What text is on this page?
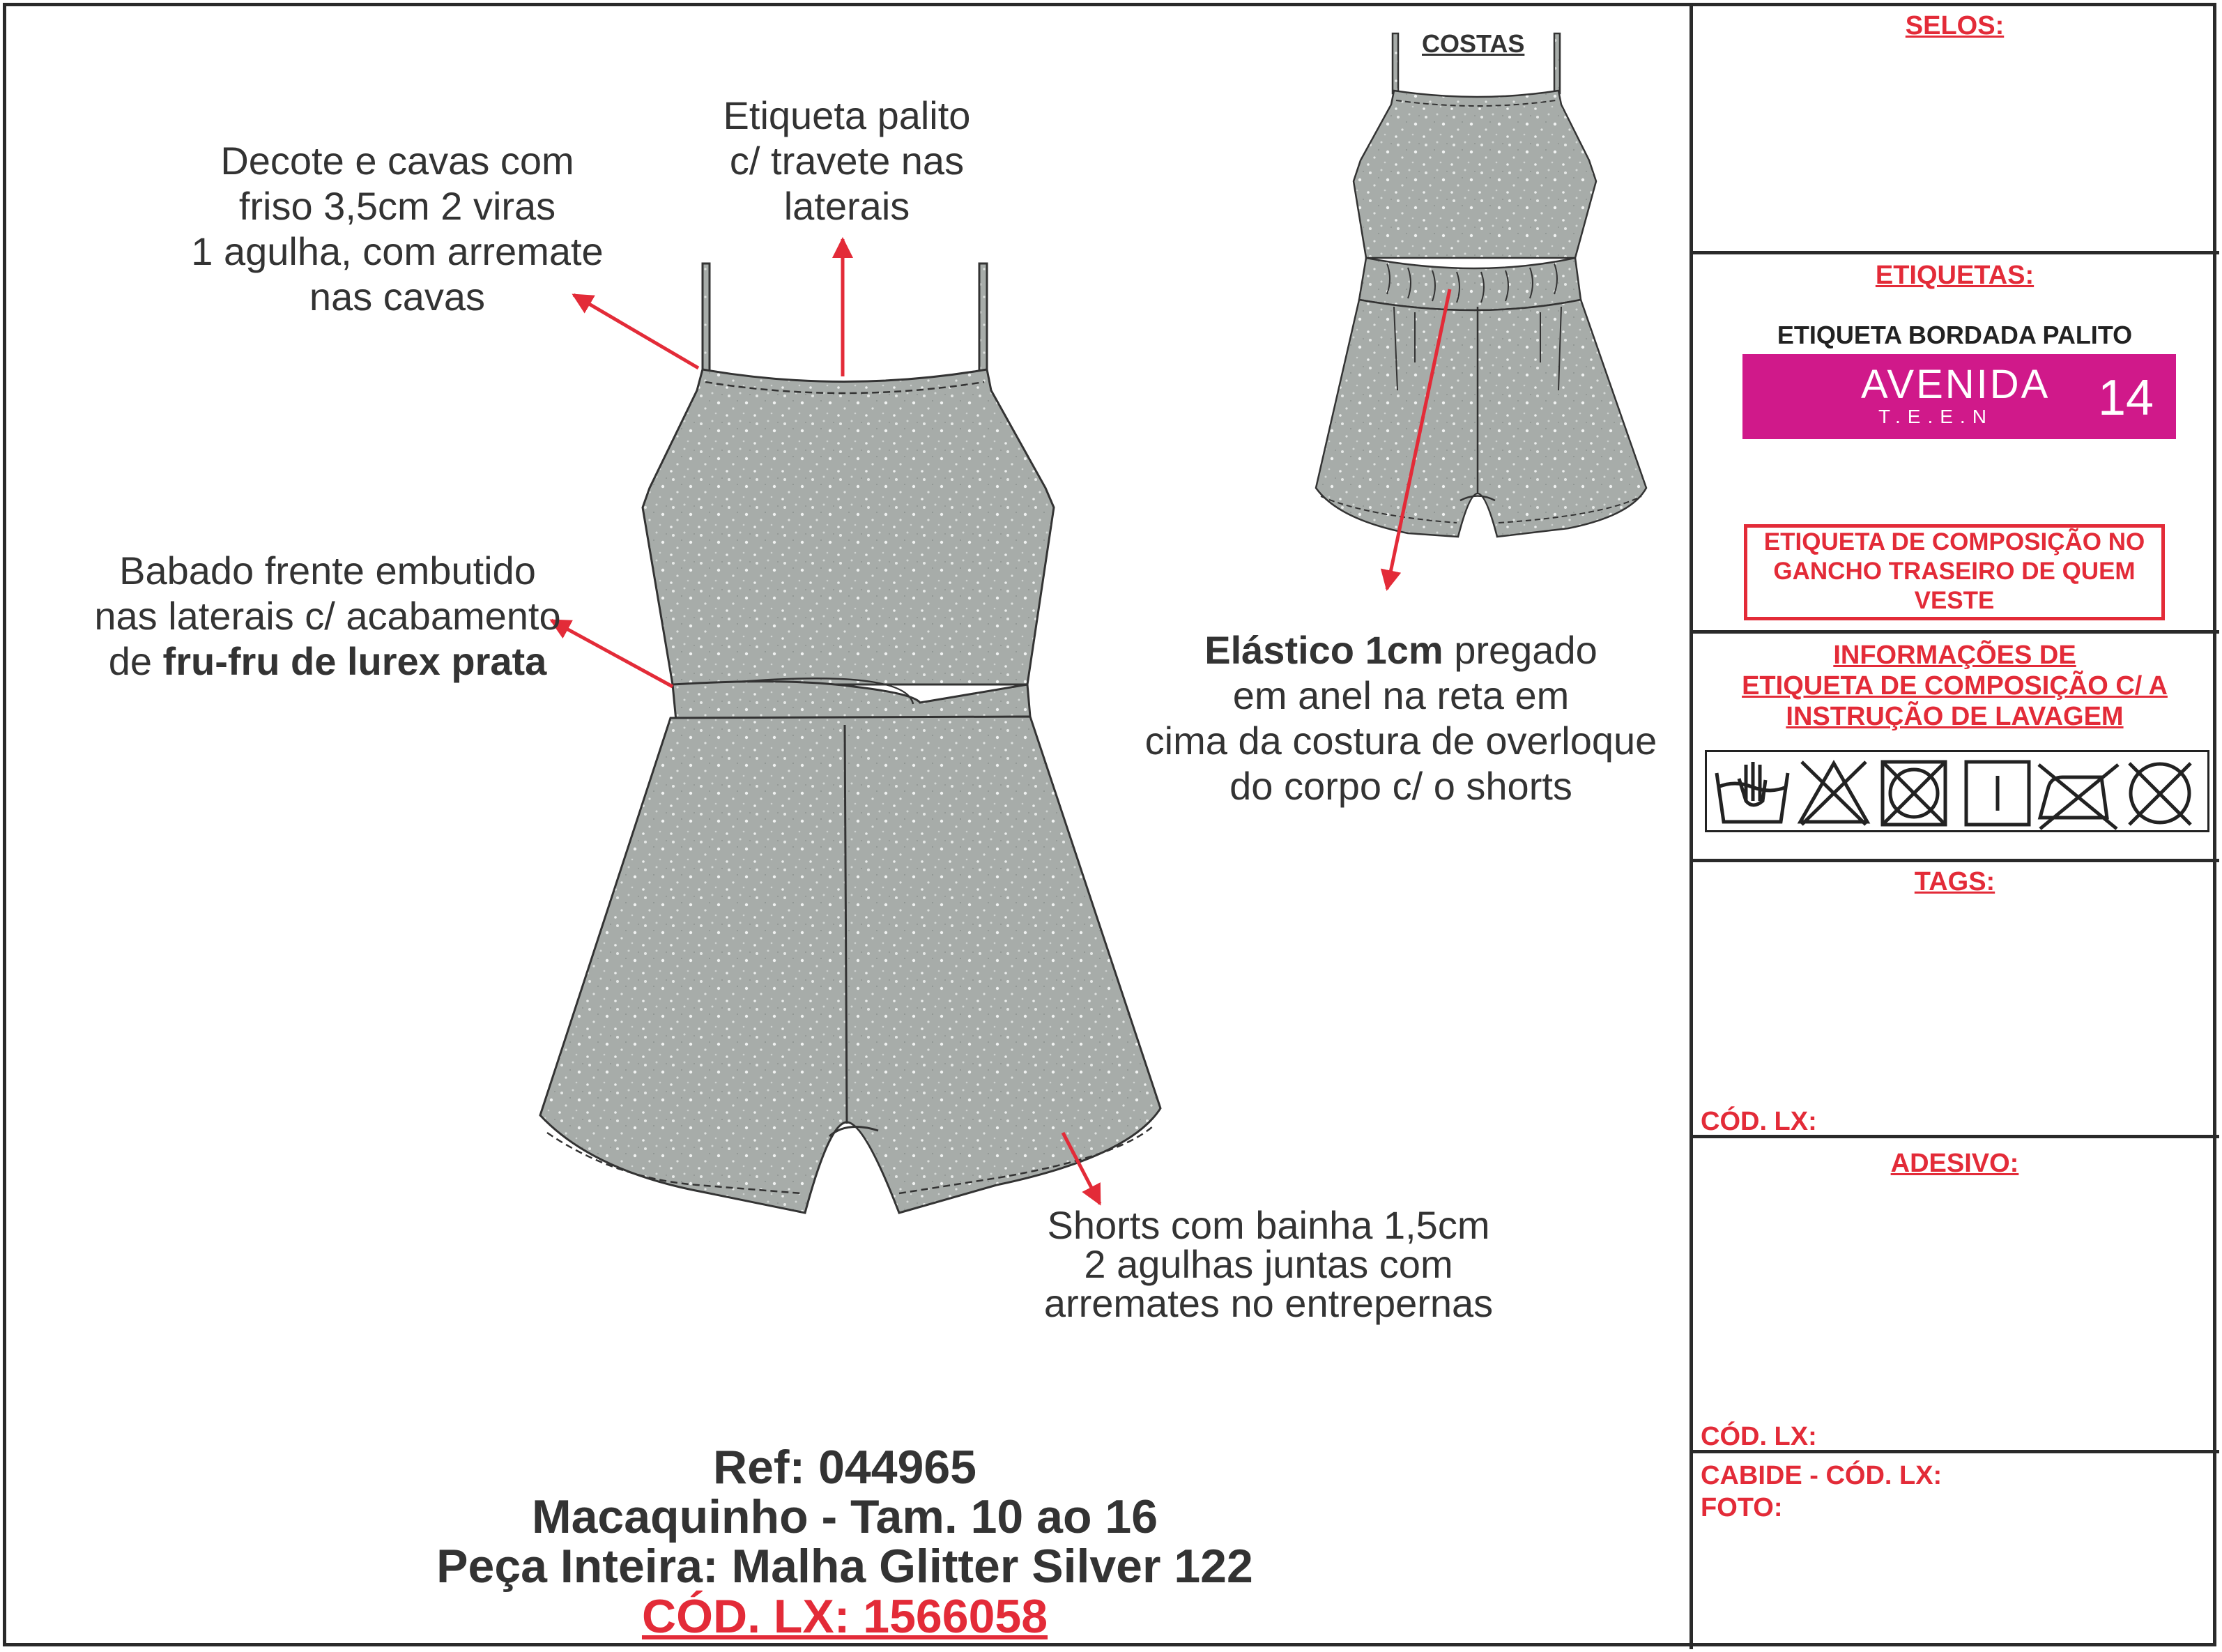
COSTAS
Decote e cavas com
friso 3,5cm 2 viras
1 agulha, com arremate
nas cavas
Etiqueta palito
c/ travete nas
laterais
Babado frente embutido
nas laterais c/ acabamento
de fru-fru de lurex prata	Elástico 1cm pregado
em anel na reta em
cima da costura de overloque
do corpo c/ o shorts
Shorts com bainha 1,5cm
2 agulhas juntas com
arremates no entrepernas
Ref: 044965
Macaquinho - Tam. 10 ao 16
Peça Inteira: Malha Glitter Silver 122
CÓD. LX: 1566058
SELOS:
ETIQUETAS:
ETIQUETA BORDADA PALITO
AVENIDA
T.E.E.N 14
ETIQUETA DE COMPOSIÇÃO NO
GANCHO TRASEIRO DE QUEM
VESTE
INFORMAÇÕES DE
ETIQUETA DE COMPOSIÇÃO C/ A
INSTRUÇÃO DE LAVAGEM
TAGS:
CÓD. LX:
ADESIVO:
CÓD. LX:
CABIDE - CÓD. LX:
FOTO:
